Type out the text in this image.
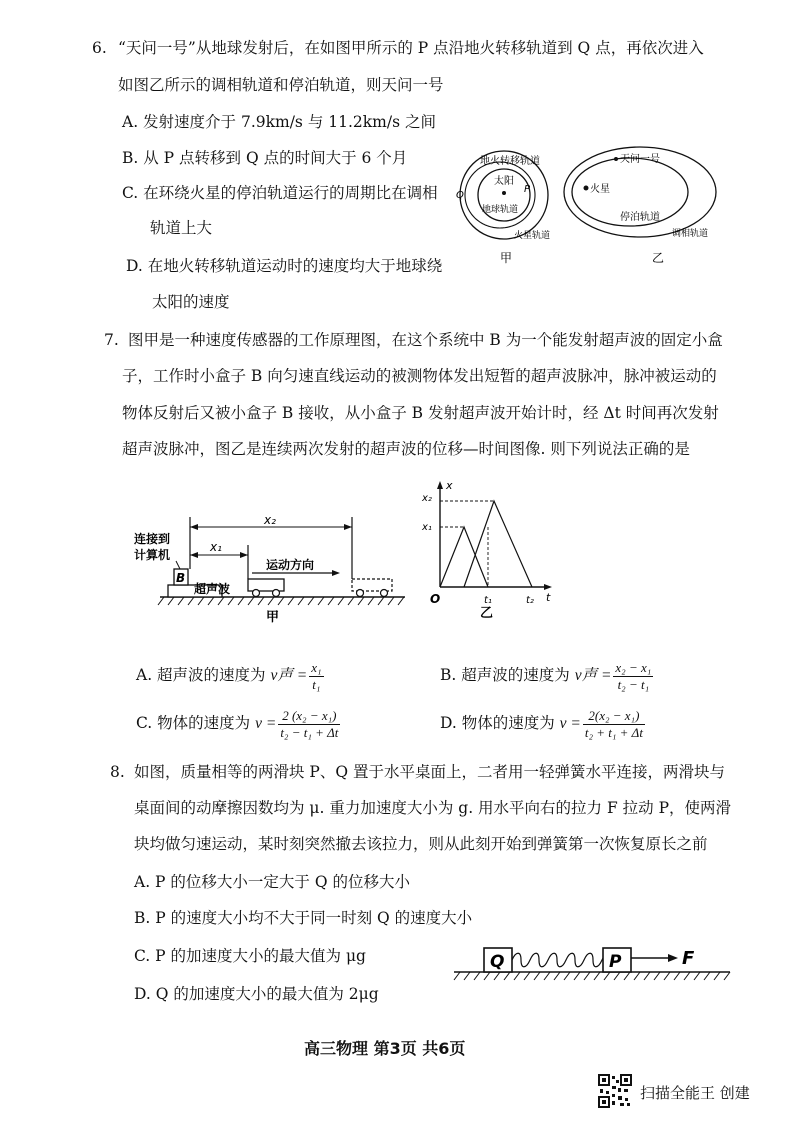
6. “天问一号”从地球发射后，在如图甲所示的 P 点沿地火转移轨道到 Q 点，再依次进入
如图乙所示的调相轨道和停泊轨道，则天问一号
A. 发射速度介于 7.9km/s 与 11.2km/s 之间
B. 从 P 点转移到 Q 点的时间大于 6 个月
C. 在环绕火星的停泊轨道运行的周期比在调相
轨道上大
D. 在地火转移轨道运动时的速度均大于地球绕
太阳的速度
地火转移轨道
太阳
地球轨道
火星轨道
P
Q
甲
天问一号
火星
停泊轨道
调相轨道
乙
7. 图甲是一种速度传感器的工作原理图，在这个系统中 B 为一个能发射超声波的固定小盒
子，工作时小盒子 B 向匀速直线运动的被测物体发出短暂的超声波脉冲，脉冲被运动的
物体反射后又被小盒子 B 接收，从小盒子 B 发射超声波开始计时，经 Δt 时间再次发射
超声波脉冲，图乙是连续两次发射的超声波的位移—时间图像. 则下列说法正确的是
B
连接到
计算机
超声波
x₂
x₁
运动方向
甲
x
x₂
x₁
O	t₁	t₂ t
乙
A. 超声波的速度为 v声 = $\frac{\text{x₁}}{\text{t₁}}$	B. 超声波的速度为 v声 = $\frac{\text{x₂ − x₁}}{\text{t₂ − t₁}}$
C. 物体的速度为 $v = \frac{\text{2 (x₂ − x₁)}}{\text{t₂ − t₁ + Δt}}$	D. 物体的速度为 $v = \frac{\text{2(x₂ − x₁)}}{\text{t₂ + t₁ + Δt}}$
8. 如图，质量相等的两滑块 P、Q 置于水平桌面上，二者用一轻弹簧水平连接，两滑块与
桌面间的动摩擦因数均为 μ. 重力加速度大小为 g. 用水平向右的拉力 F 拉动 P，使两滑
块均做匀速运动，某时刻突然撤去该拉力，则从此刻开始到弹簧第一次恢复原长之前
A. P 的位移大小一定大于 Q 的位移大小
B. P 的速度大小均不大于同一时刻 Q 的速度大小
C. P 的加速度大小的最大值为 μg
D. Q 的加速度大小的最大值为 2μg
Q	P	F
高三物理 第3页 共6页
扫描全能王 创建
